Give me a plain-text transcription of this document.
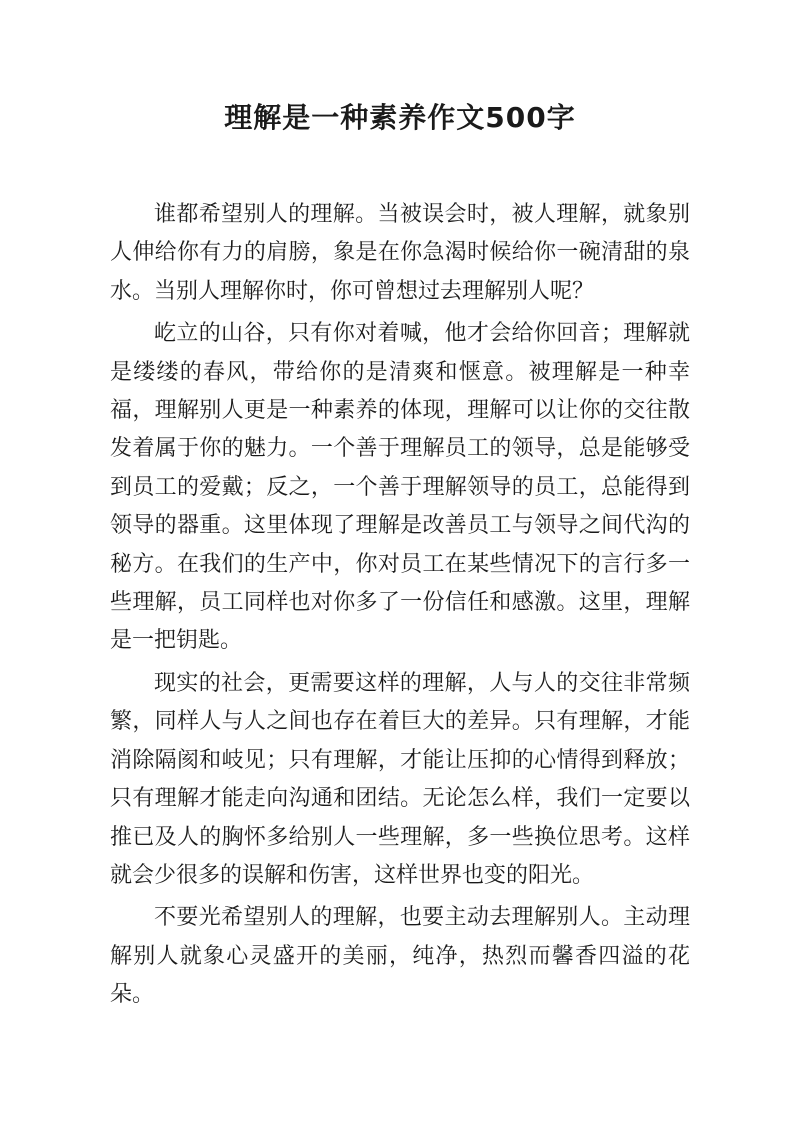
理解是一种素养作文500字

谁都希望别人的理解。当被误会时，被人理解，就象别人伸给你有力的肩膀，象是在你急渴时候给你一碗清甜的泉水。当别人理解你时，你可曾想过去理解别人呢？

屹立的山谷，只有你对着喊，他才会给你回音；理解就是缕缕的春风，带给你的是清爽和惬意。被理解是一种幸福，理解别人更是一种素养的体现，理解可以让你的交往散发着属于你的魅力。一个善于理解员工的领导，总是能够受到员工的爱戴；反之，一个善于理解领导的员工，总能得到领导的器重。这里体现了理解是改善员工与领导之间代沟的秘方。在我们的生产中，你对员工在某些情况下的言行多一些理解，员工同样也对你多了一份信任和感激。这里，理解是一把钥匙。

现实的社会，更需要这样的理解，人与人的交往非常频繁，同样人与人之间也存在着巨大的差异。只有理解，才能消除隔阂和岐见；只有理解，才能让压抑的心情得到释放；只有理解才能走向沟通和团结。无论怎么样，我们一定要以推已及人的胸怀多给别人一些理解，多一些换位思考。这样就会少很多的误解和伤害，这样世界也变的阳光。

不要光希望别人的理解，也要主动去理解别人。主动理解别人就象心灵盛开的美丽，纯净，热烈而馨香四溢的花朵。
